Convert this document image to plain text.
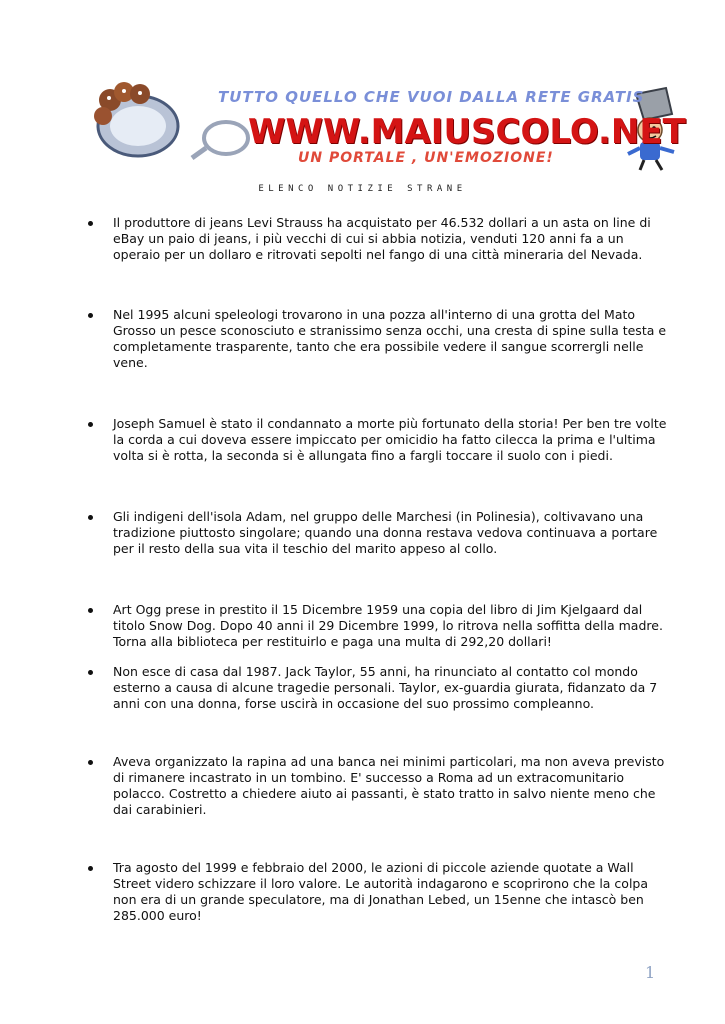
TUTTO QUELLO CHE VUOI DALLA RETE GRATIS
WWW.MAIUSCOLO.NET
UN PORTALE , UN'EMOZIONE!
ELENCO NOTIZIE STRANE
Il produttore di jeans Levi Strauss ha acquistato per 46.532 dollari a un asta on line di eBay un paio di jeans, i più vecchi di cui si abbia notizia, venduti 120 anni fa a un operaio per un dollaro e ritrovati sepolti nel fango di una città mineraria del Nevada.
Nel 1995 alcuni speleologi trovarono in una pozza all'interno di una grotta del Mato Grosso un pesce sconosciuto e stranissimo senza occhi, una cresta di spine sulla testa e completamente trasparente, tanto che era possibile vedere il sangue scorrergli nelle vene.
Joseph Samuel è stato il condannato a morte più fortunato della storia! Per ben tre volte la corda a cui doveva essere impiccato per omicidio ha fatto cilecca la prima e l'ultima volta si è rotta, la seconda si è allungata fino a fargli toccare il suolo con i piedi.
Gli indigeni dell'isola Adam, nel gruppo delle Marchesi (in Polinesia), coltivavano una tradizione piuttosto singolare; quando una donna restava vedova continuava a portare per il resto della sua vita il teschio del marito appeso al collo.
Art Ogg prese in prestito il 15 Dicembre 1959 una copia del libro di Jim Kjelgaard dal titolo Snow Dog. Dopo 40 anni il 29 Dicembre 1999, lo ritrova nella soffitta della madre. Torna alla biblioteca per restituirlo e paga una multa di 292,20 dollari!
Non esce di casa dal 1987. Jack Taylor, 55 anni, ha rinunciato al contatto col mondo esterno a causa di alcune tragedie personali. Taylor, ex-guardia giurata, fidanzato da 7 anni con una donna, forse uscirà in occasione del suo prossimo compleanno.
Aveva organizzato la rapina ad una banca nei minimi particolari, ma non aveva previsto di rimanere incastrato in un tombino. E' successo a Roma ad un extracomunitario polacco. Costretto a chiedere aiuto ai passanti, è stato tratto in salvo niente meno che dai carabinieri.
Tra agosto del 1999 e febbraio del 2000, le azioni di piccole aziende quotate a Wall Street videro schizzare il loro valore. Le autorità indagarono e scoprirono che la colpa non era di un grande speculatore, ma di Jonathan Lebed, un 15enne che intascò ben 285.000 euro!
1
